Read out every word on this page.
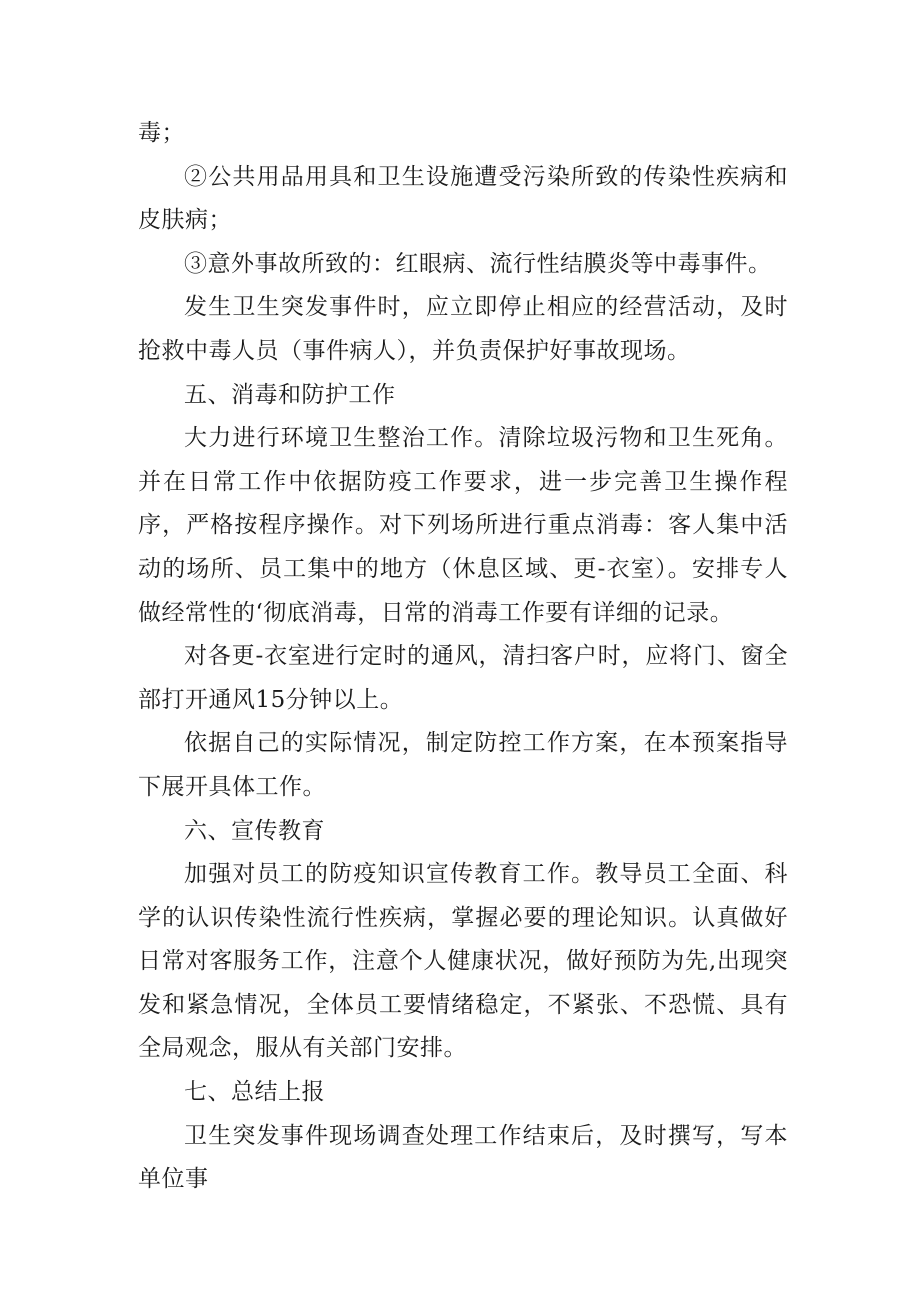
毒；

②公共用品用具和卫生设施遭受污染所致的传染性疾病和皮肤病；

③意外事故所致的：红眼病、流行性结膜炎等中毒事件。

发生卫生突发事件时，应立即停止相应的经营活动，及时抢救中毒人员（事件病人），并负责保护好事故现场。

五、消毒和防护工作

大力进行环境卫生整治工作。清除垃圾污物和卫生死角。并在日常工作中依据防疫工作要求，进一步完善卫生操作程序，严格按程序操作。对下列场所进行重点消毒：客人集中活动的场所、员工集中的地方（休息区域、更-衣室）。安排专人做经常性的‘彻底消毒，日常的消毒工作要有详细的记录。

对各更-衣室进行定时的通风，清扫客户时，应将门、窗全部打开通风15分钟以上。

依据自己的实际情况，制定防控工作方案，在本预案指导下展开具体工作。

六、宣传教育

加强对员工的防疫知识宣传教育工作。教导员工全面、科学的认识传染性流行性疾病，掌握必要的理论知识。认真做好日常对客服务工作，注意个人健康状况，做好预防为先,出现突发和紧急情况，全体员工要情绪稳定，不紧张、不恐慌、具有全局观念，服从有关部门安排。

七、总结上报

卫生突发事件现场调查处理工作结束后，及时撰写，写本单位事
